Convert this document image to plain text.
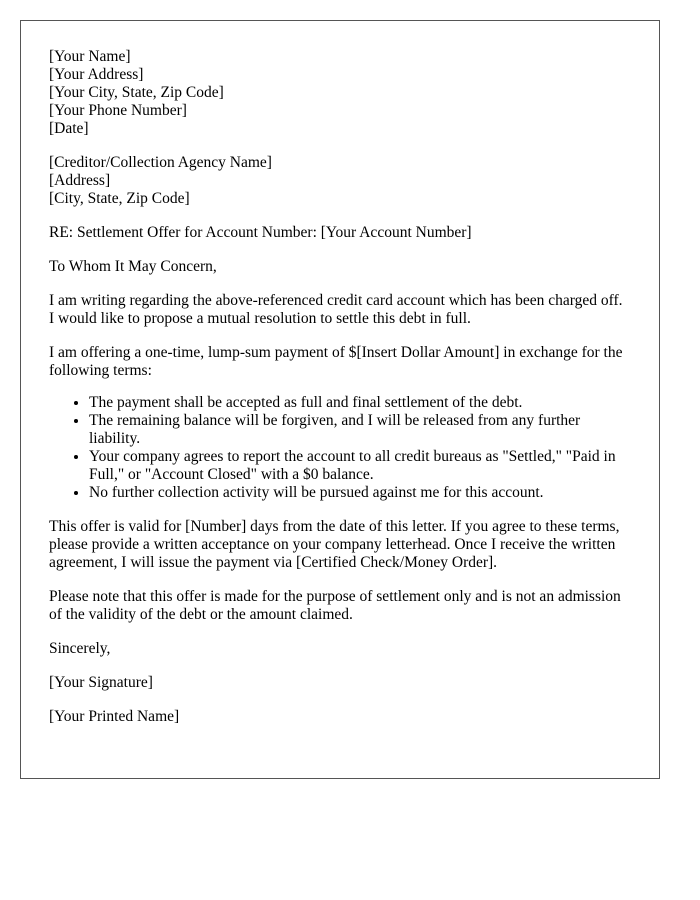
[Your Name]
[Your Address]
[Your City, State, Zip Code]
[Your Phone Number]
[Date]
[Creditor/Collection Agency Name]
[Address]
[City, State, Zip Code]

RE: Settlement Offer for Account Number: [Your Account Number]

To Whom It May Concern,

I am writing regarding the above-referenced credit card account which has been charged off. I would like to propose a mutual resolution to settle this debt in full.

I am offering a one-time, lump-sum payment of $[Insert Dollar Amount] in exchange for the following terms:

• The payment shall be accepted as full and final settlement of the debt.
• The remaining balance will be forgiven, and I will be released from any further liability.
• Your company agrees to report the account to all credit bureaus as "Settled," "Paid in Full," or "Account Closed" with a $0 balance.
• No further collection activity will be pursued against me for this account.

This offer is valid for [Number] days from the date of this letter. If you agree to these terms, please provide a written acceptance on your company letterhead. Once I receive the written agreement, I will issue the payment via [Certified Check/Money Order].

Please note that this offer is made for the purpose of settlement only and is not an admission of the validity of the debt or the amount claimed.

Sincerely,

[Your Signature]

[Your Printed Name]
